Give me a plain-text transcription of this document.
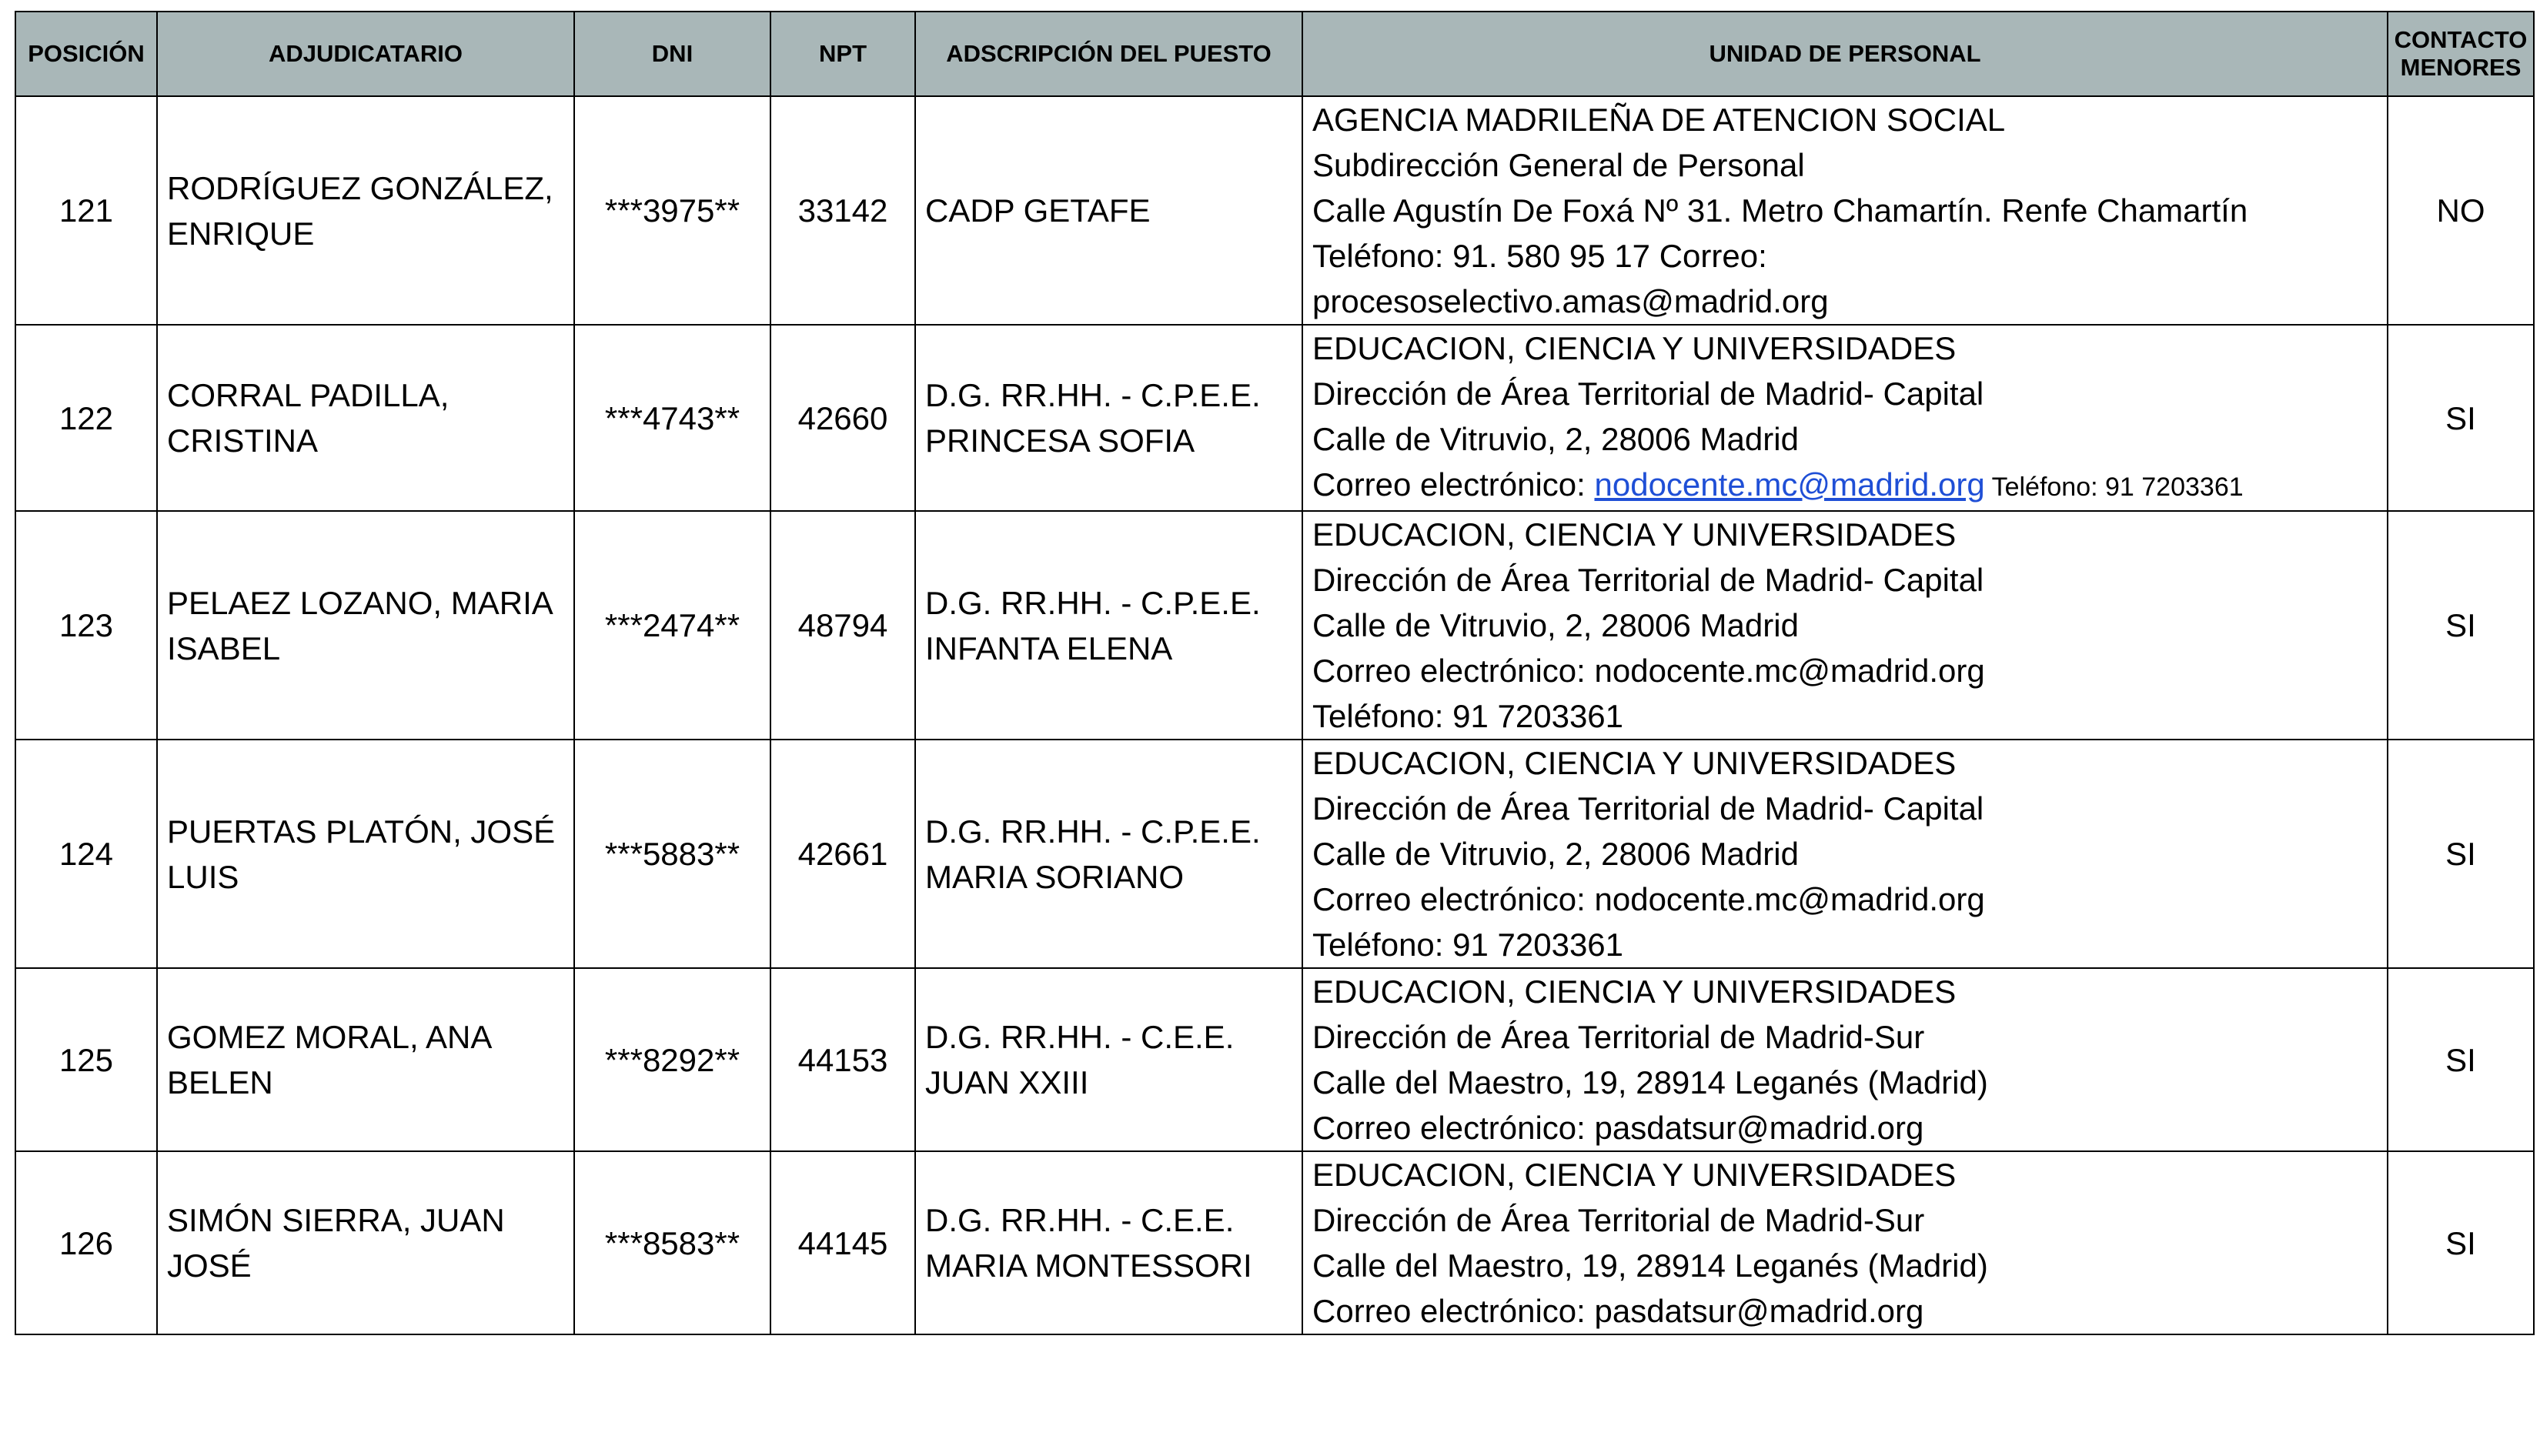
POSICIÓN	ADJUDICATARIO	DNI	NPT	ADSCRIPCIÓN DEL PUESTO	UNIDAD DE PERSONAL	CONTACTO
MENORES

121	RODRÍGUEZ GONZÁLEZ,
ENRIQUE	***3975**	33142	CADP GETAFE	AGENCIA MADRILEÑA DE ATENCION SOCIAL
Subdirección General de Personal
Calle Agustín De Foxá Nº 31. Metro Chamartín. Renfe Chamartín
Teléfono: 91. 580 95 17 Correo:
procesoselectivo.amas@madrid.org	NO
122	CORRAL PADILLA,
CRISTINA	***4743**	42660	D.G. RR.HH. - C.P.E.E.
PRINCESA SOFIA	EDUCACION, CIENCIA Y UNIVERSIDADES
Dirección de Área Territorial de Madrid- Capital
Calle de Vitruvio, 2, 28006 Madrid
Correo electrónico: nodocente.mc@madrid.org Teléfono: 91 7203361	SI
123	PELAEZ LOZANO, MARIA
ISABEL	***2474**	48794	D.G. RR.HH. - C.P.E.E.
INFANTA ELENA	EDUCACION, CIENCIA Y UNIVERSIDADES
Dirección de Área Territorial de Madrid- Capital
Calle de Vitruvio, 2, 28006 Madrid
Correo electrónico: nodocente.mc@madrid.org
Teléfono: 91 7203361	SI
124	PUERTAS PLATÓN, JOSÉ
LUIS	***5883**	42661	D.G. RR.HH. - C.P.E.E.
MARIA SORIANO	EDUCACION, CIENCIA Y UNIVERSIDADES
Dirección de Área Territorial de Madrid- Capital
Calle de Vitruvio, 2, 28006 Madrid
Correo electrónico: nodocente.mc@madrid.org
Teléfono: 91 7203361	SI
125	GOMEZ MORAL, ANA
BELEN	***8292**	44153	D.G. RR.HH. - C.E.E.
JUAN XXIII	EDUCACION, CIENCIA Y UNIVERSIDADES
Dirección de Área Territorial de Madrid-Sur
Calle del Maestro, 19, 28914 Leganés (Madrid)
Correo electrónico: pasdatsur@madrid.org	SI
126	SIMÓN SIERRA, JUAN
JOSÉ	***8583**	44145	D.G. RR.HH. - C.E.E.
MARIA MONTESSORI	EDUCACION, CIENCIA Y UNIVERSIDADES
Dirección de Área Territorial de Madrid-Sur
Calle del Maestro, 19, 28914 Leganés (Madrid)
Correo electrónico: pasdatsur@madrid.org	SI
